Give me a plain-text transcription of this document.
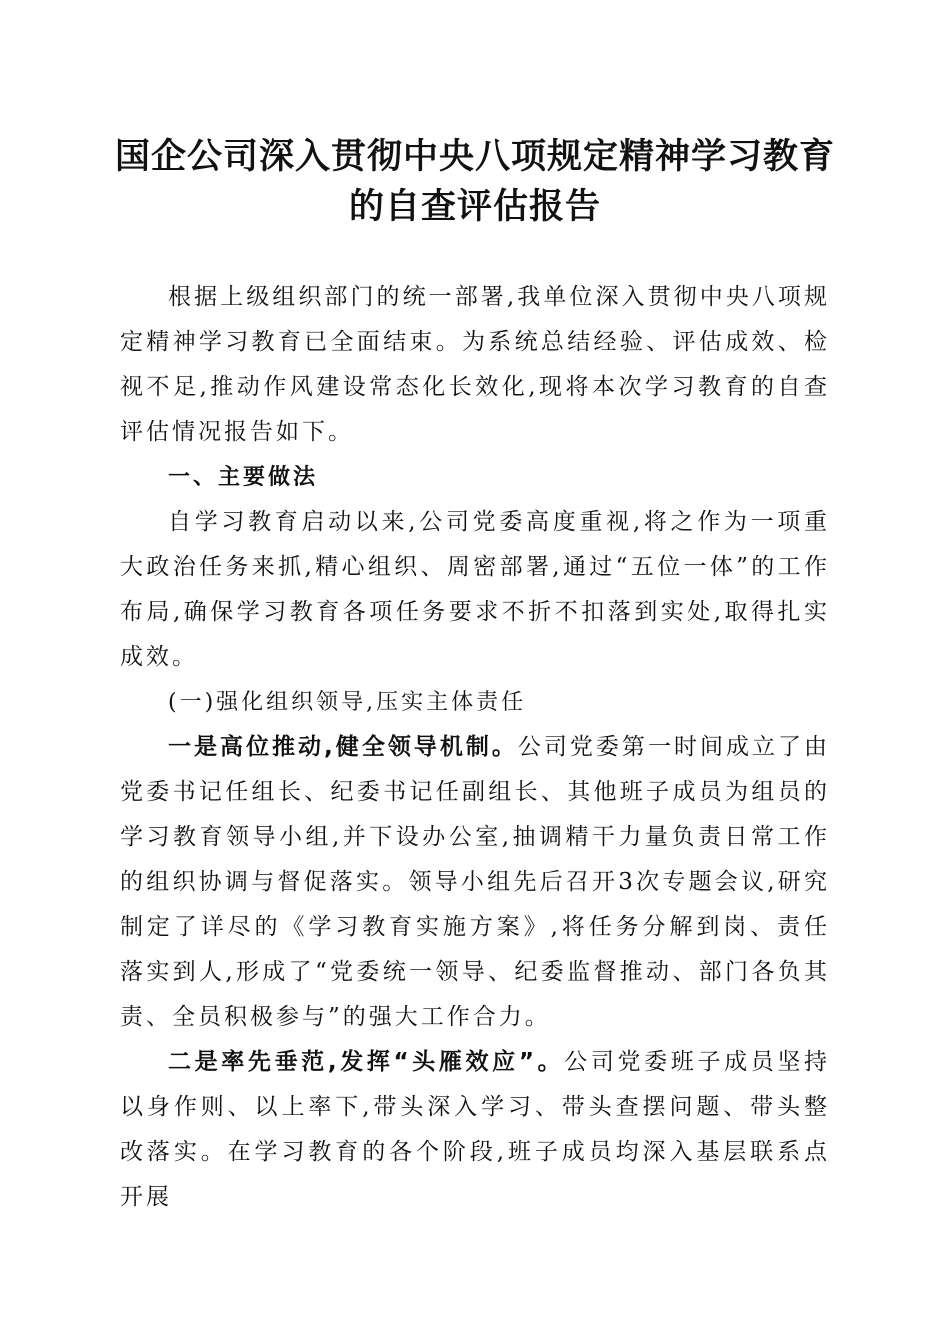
国企公司深入贯彻中央八项规定精神学习教育
的自查评估报告

根据上级组织部门的统一部署,我单位深入贯彻中央八项规定精神学习教育已全面结束。为系统总结经验、评估成效、检视不足,推动作风建设常态化长效化,现将本次学习教育的自查评估情况报告如下。

一、主要做法

自学习教育启动以来,公司党委高度重视,将之作为一项重大政治任务来抓,精心组织、周密部署,通过“五位一体”的工作布局,确保学习教育各项任务要求不折不扣落到实处,取得扎实成效。

(一)强化组织领导,压实主体责任

一是高位推动,健全领导机制。公司党委第一时间成立了由党委书记任组长、纪委书记任副组长、其他班子成员为组员的学习教育领导小组,并下设办公室,抽调精干力量负责日常工作的组织协调与督促落实。领导小组先后召开3次专题会议,研究制定了详尽的《学习教育实施方案》,将任务分解到岗、责任落实到人,形成了“党委统一领导、纪委监督推动、部门各负其责、全员积极参与”的强大工作合力。

二是率先垂范,发挥“头雁效应”。公司党委班子成员坚持以身作则、以上率下,带头深入学习、带头查摆问题、带头整改落实。在学习教育的各个阶段,班子成员均深入基层联系点开展
